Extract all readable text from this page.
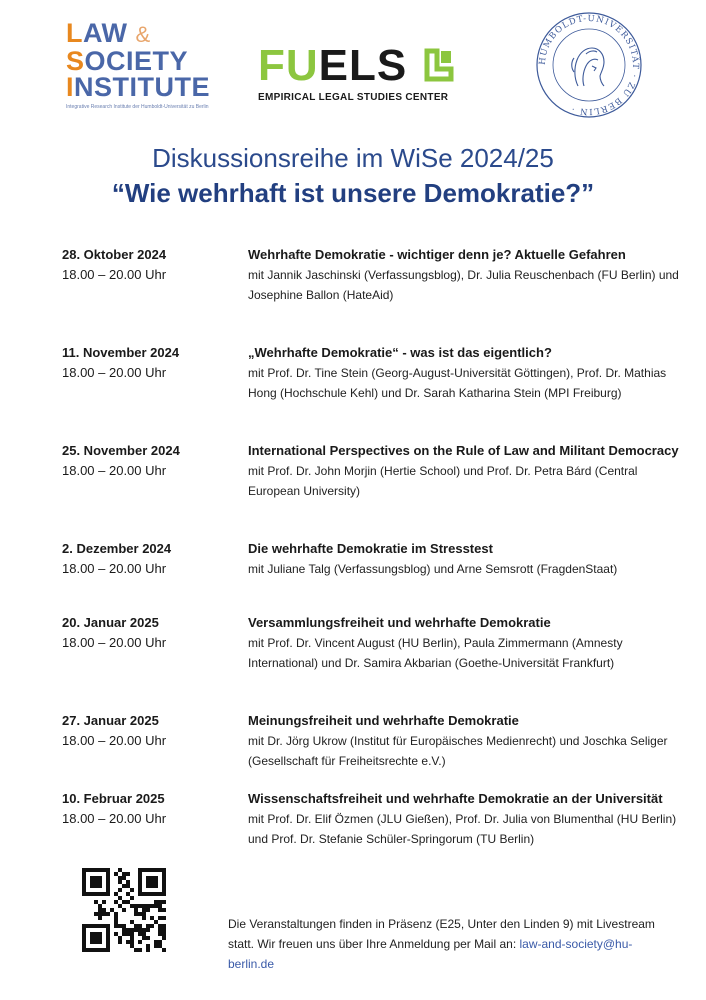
LAW &
SOCIETY
INSTITUTE
Integrative Research Institute der Humboldt-Universität zu Berlin
FUELS
EMPIRICAL LEGAL STUDIES CENTER
HUMBOLDT-UNIVERSITÄT · ZU BERLIN ·
Diskussionsreihe im WiSe 2024/25
“Wie wehrhaft ist unsere Demokratie?”
28. Oktober 2024
18.00 – 20.00 Uhr
Wehrhafte Demokratie - wichtiger denn je? Aktuelle Gefahren
mit Jannik Jaschinski (Verfassungsblog), Dr. Julia Reuschenbach (FU Berlin) und Josephine Ballon (HateAid)
11. November 2024
18.00 – 20.00 Uhr
„Wehrhafte Demokratie“ - was ist das eigentlich?
mit Prof. Dr. Tine Stein (Georg-August-Universität Göttingen), Prof. Dr. Mathias Hong (Hochschule Kehl) und Dr. Sarah Katharina Stein (MPI Freiburg)
25. November 2024
18.00 – 20.00 Uhr
International Perspectives on the Rule of Law and Militant Democracy
mit Prof. Dr. John Morjin (Hertie School) und Prof. Dr. Petra Bárd (Central European University)
2. Dezember 2024
18.00 – 20.00 Uhr
Die wehrhafte Demokratie im Stresstest
mit Juliane Talg (Verfassungsblog) und Arne Semsrott (FragdenStaat)
20. Januar 2025
18.00 – 20.00 Uhr
Versammlungsfreiheit und wehrhafte Demokratie
mit Prof. Dr. Vincent August (HU Berlin), Paula Zimmermann (Amnesty International) und Dr. Samira Akbarian (Goethe-Universität Frankfurt)
27. Januar 2025
18.00 – 20.00 Uhr
Meinungsfreiheit und wehrhafte Demokratie
mit Dr. Jörg Ukrow (Institut für Europäisches Medienrecht) und Joschka Seliger (Gesellschaft für Freiheitsrechte e.V.)
10. Februar 2025
18.00 – 20.00 Uhr
Wissenschaftsfreiheit und wehrhafte Demokratie an der Universität
mit Prof. Dr. Elif Özmen (JLU Gießen), Prof. Dr. Julia von Blumenthal (HU Berlin) und Prof. Dr. Stefanie Schüler-Springorum (TU Berlin)
Die Veranstaltungen finden in Präsenz (E25, Unter den Linden 9) mit Livestream statt. Wir freuen uns über Ihre Anmeldung per Mail an: law-and-society@hu-berlin.de
